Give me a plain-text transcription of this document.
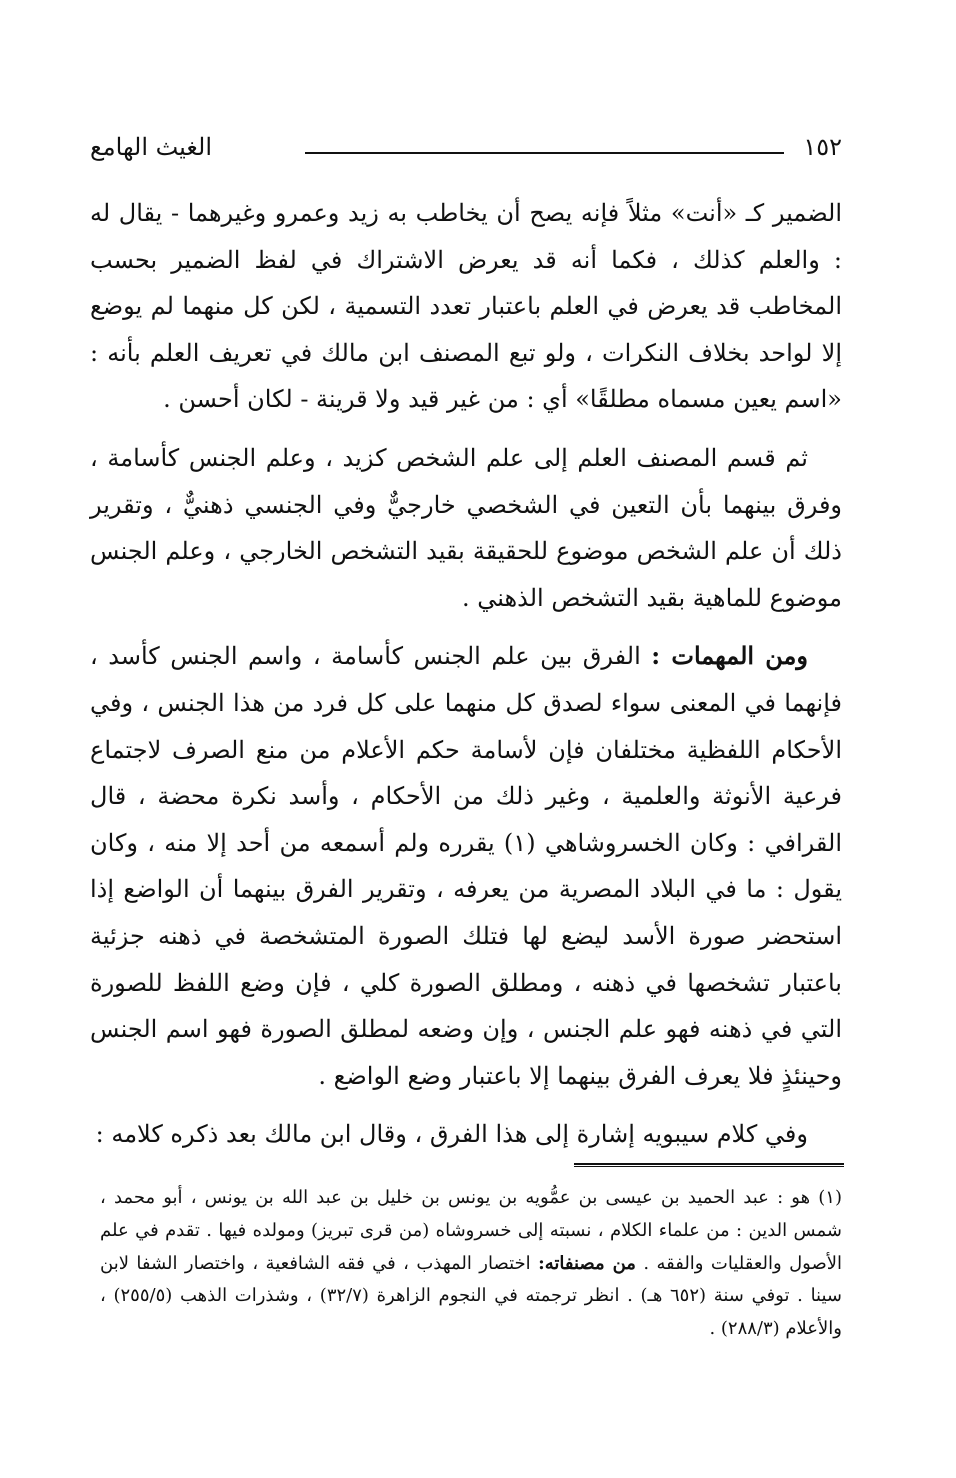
١٥٢
الغيث الهامع

الضمير كـ «أنت» مثلاً فإنه يصح أن يخاطب به زيد وعمرو وغيرهما - يقال له : والعلم كذلك ، فكما أنه قد يعرض الاشتراك في لفظ الضمير بحسب المخاطب قد يعرض في العلم باعتبار تعدد التسمية ، لكن كل منهما لم يوضع إلا لواحد بخلاف النكرات ، ولو تبع المصنف ابن مالك في تعريف العلم بأنه : «اسم يعين مسماه مطلقًا» أي : من غير قيد ولا قرينة - لكان أحسن .

ثم قسم المصنف العلم إلى علم الشخص كزيد ، وعلم الجنس كأسامة ، وفرق بينهما بأن التعين في الشخصي خارجيٌّ وفي الجنسي ذهنيٌّ ، وتقرير ذلك أن علم الشخص موضوع للحقيقة بقيد التشخص الخارجي ، وعلم الجنس موضوع للماهية بقيد التشخص الذهني .

ومن المهمات : الفرق بين علم الجنس كأسامة ، واسم الجنس كأسد ، فإنهما في المعنى سواء لصدق كل منهما على كل فرد من هذا الجنس ، وفي الأحكام اللفظية مختلفان فإن لأسامة حكم الأعلام من منع الصرف لاجتماع فرعية الأنوثة والعلمية ، وغير ذلك من الأحكام ، وأسد نكرة محضة ، قال القرافي : وكان الخسروشاهي (١) يقرره ولم أسمعه من أحد إلا منه ، وكان يقول : ما في البلاد المصرية من يعرفه ، وتقرير الفرق بينهما أن الواضع إذا استحضر صورة الأسد ليضع لها فتلك الصورة المتشخصة في ذهنه جزئية باعتبار تشخصها في ذهنه ، ومطلق الصورة كلي ، فإن وضع اللفظ للصورة التي في ذهنه فهو علم الجنس ، وإن وضعه لمطلق الصورة فهو اسم الجنس وحينئذٍ فلا يعرف الفرق بينهما إلا باعتبار وضع الواضع .

وفي كلام سيبويه إشارة إلى هذا الفرق ، وقال ابن مالك بعد ذكره كلامه :

(١) هو : عبد الحميد بن عيسى بن عمُّويه بن يونس بن خليل بن عبد الله بن يونس ، أبو محمد ، شمس الدين : من علماء الكلام ، نسبته إلى خسروشاه (من قرى تبريز) ومولده فيها . تقدم في علم الأصول والعقليات والفقه . من مصنفاته: اختصار المهذب ، في فقه الشافعية ، واختصار الشفا لابن سينا . توفي سنة (٦٥٢ هـ) . انظر ترجمته في النجوم الزاهرة (٣٢/٧) ، وشذرات الذهب (٢٥٥/٥) ، والأعلام (٢٨٨/٣) .
